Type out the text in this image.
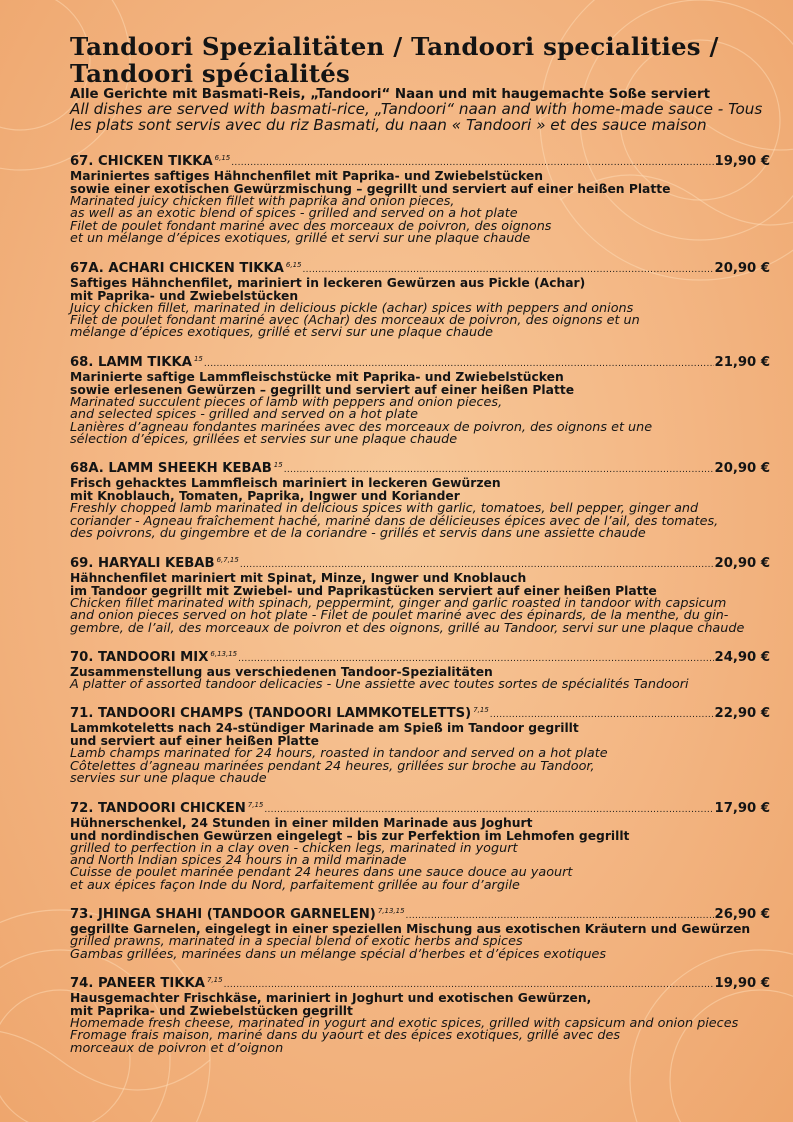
Tandoori Spezialitäten / Tandoori specialities / Tandoori spécialités
Alle Gerichte mit Basmati-Reis, „Tandoori“ Naan und mit haugemachte Soße serviert
All dishes are served with basmati-rice, „Tandoori“ naan and with home-made sauce - Tous les plats sont servis avec du riz Basmati, du naan « Tandoori » et des sauce maison
67. CHICKEN TIKKA 6,15 .....	19,90 €
Mariniertes saftiges Hähnchenfilet mit Paprika- und Zwiebelstücken
sowie einer exotischen Gewürzmischung – gegrillt und serviert auf einer heißen Platte
Marinated juicy chicken fillet with paprika and onion pieces,
as well as an exotic blend of spices - grilled and served on a hot plate
Filet de poulet fondant mariné avec des morceaux de poivron, des oignons
et un mélange d’épices exotiques, grillé et servi sur une plaque chaude
67A. ACHARI CHICKEN TIKKA 6,15 .....	20,90 €
Saftiges Hähnchenfilet, mariniert in leckeren Gewürzen aus Pickle (Achar)
mit Paprika- und Zwiebelstücken
Juicy chicken fillet, marinated in delicious pickle (achar) spices with peppers and onions
Filet de poulet fondant mariné avec (Achar) des morceaux de poivron, des oignons et un
mélange d’épices exotiques, grillé et servi sur une plaque chaude
68. LAMM TIKKA 15 .....	21,90 €
Marinierte saftige Lammfleischstücke mit Paprika- und Zwiebelstücken
sowie erlesenen Gewürzen – gegrillt und serviert auf einer heißen Platte
Marinated succulent pieces of lamb with peppers and onion pieces,
and selected spices - grilled and served on a hot plate
Lanières d’agneau fondantes marinées avec des morceaux de poivron, des oignons et une
sélection d’épices, grillées et servies sur une plaque chaude
68A. LAMM SHEEKH KEBAB 15 .....	20,90 €
Frisch gehacktes Lammfleisch mariniert in leckeren Gewürzen
mit Knoblauch, Tomaten, Paprika, Ingwer und Koriander
Freshly chopped lamb marinated in delicious spices with garlic, tomatoes, bell pepper, ginger and
coriander - Agneau fraîchement haché, mariné dans de délicieuses épices avec de l’ail, des tomates,
des poivrons, du gingembre et de la coriandre - grillés et servis dans une assiette chaude
69. HARYALI KEBAB 6,7,15 .....	20,90 €
Hähnchenfilet mariniert mit Spinat, Minze, Ingwer und Knoblauch
im Tandoor gegrillt mit Zwiebel- und Paprikastücken serviert auf einer heißen Platte
Chicken fillet marinated with spinach, peppermint, ginger and garlic roasted in tandoor with capsicum
and onion pieces served on hot plate - Filet de poulet mariné avec des épinards, de la menthe, du gin-
gembre, de l’ail, des morceaux de poivron et des oignons, grillé au Tandoor, servi sur une plaque chaude
70. TANDOORI MIX 6,13,15 .....	24,90 €
Zusammenstellung aus verschiedenen Tandoor-Spezialitäten
A platter of assorted tandoor delicacies - Une assiette avec toutes sortes de spécialités Tandoori
71. TANDOORI CHAMPS (TANDOORI LAMMKOTELETTS) 7,15 .....	22,90 €
Lammkoteletts nach 24-stündiger Marinade am Spieß im Tandoor gegrillt
und serviert auf einer heißen Platte
Lamb champs marinated for 24 hours, roasted in tandoor and served on a hot plate
Côtelettes d’agneau marinées pendant 24 heures, grillées sur broche au Tandoor,
servies sur une plaque chaude
72. TANDOORI CHICKEN 7,15 .....	17,90 €
Hühnerschenkel, 24 Stunden in einer milden Marinade aus Joghurt
und nordindischen Gewürzen eingelegt – bis zur Perfektion im Lehmofen gegrillt
grilled to perfection in a clay oven - chicken legs, marinated in yogurt
and North Indian spices 24 hours in a mild marinade
Cuisse de poulet marinée pendant 24 heures dans une sauce douce au yaourt
et aux épices façon Inde du Nord, parfaitement grillée au four d’argile
73. JHINGA SHAHI (TANDOOR GARNELEN) 7,13,15 .....	26,90 €
gegrillte Garnelen, eingelegt in einer speziellen Mischung aus exotischen Kräutern und Gewürzen
grilled prawns, marinated in a special blend of exotic herbs and spices
Gambas grillées, marinées dans un mélange spécial d’herbes et d’épices exotiques
74. PANEER TIKKA 7,15 .....	19,90 €
Hausgemachter Frischkäse, mariniert in Joghurt und exotischen Gewürzen,
mit Paprika- und Zwiebelstücken gegrillt
Homemade fresh cheese, marinated in yogurt and exotic spices, grilled with capsicum and onion pieces
Fromage frais maison, mariné dans du yaourt et des épices exotiques, grillé avec des
morceaux de poivron et d’oignon
